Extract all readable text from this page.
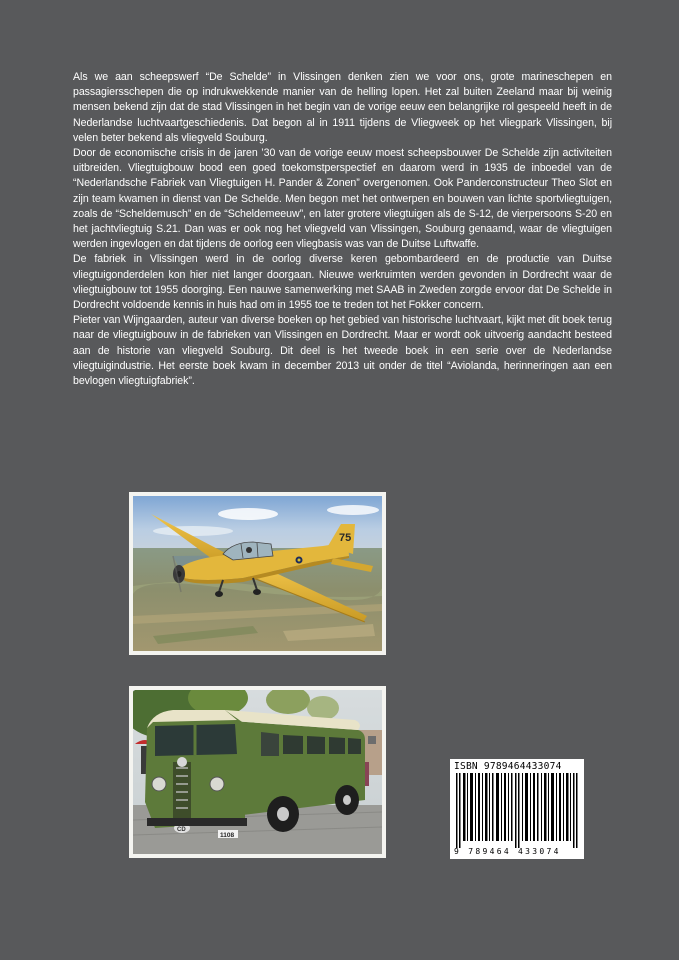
Als we aan scheepswerf “De Schelde” in Vlissingen denken zien we voor ons, grote marineschepen en passagiersschepen die op indrukwekkende manier van de helling lopen. Het zal buiten Zeeland maar bij weinig mensen bekend zijn dat de stad Vlissingen in het begin van de vorige eeuw een belangrijke rol gespeeld heeft in de Nederlandse luchtvaartgeschiedenis. Dat begon al in 1911 tijdens de Vliegweek op het vliegpark Vlissingen, bij velen beter bekend als vliegveld Souburg.

Door de economische crisis in de jaren ’30 van de vorige eeuw moest scheepsbouwer De Schelde zijn activiteiten uitbreiden. Vliegtuigbouw bood een goed toekomstperspectief en daarom werd in 1935 de inboedel van de “Nederlandsche Fabriek van Vliegtuigen H. Pander & Zonen” overgenomen. Ook Panderconstructeur Theo Slot en zijn team kwamen in dienst van De Schelde. Men begon met het ontwerpen en bouwen van lichte sportvliegtuigen, zoals de “Scheldemusch” en de “Scheldemeeuw”, en later grotere vliegtuigen als de S-12, de vierpersoons S-20 en het jachtvliegtuig S.21. Dan was er ook nog het vliegveld van Vlissingen, Souburg genaamd, waar de vliegtuigen werden ingevlogen en dat tijdens de oorlog een vliegbasis was van de Duitse Luftwaffe.

De fabriek in Vlissingen werd in de oorlog diverse keren gebombardeerd en de productie van Duitse vliegtuigonderdelen kon hier niet langer doorgaan. Nieuwe werkruimten werden gevonden in Dordrecht waar de vliegtuigbouw tot 1955 doorging. Een nauwe samenwerking met SAAB in Zweden zorgde ervoor dat De Schelde in Dordrecht voldoende kennis in huis had om in 1955 toe te treden tot het Fokker concern.

Pieter van Wijngaarden, auteur van diverse boeken op het gebied van historische luchtvaart, kijkt met dit boek terug naar de vliegtuigbouw in de fabrieken van Vlissingen en Dordrecht. Maar er wordt ook uitvoerig aandacht besteed aan de historie van vliegveld Souburg. Dit deel is het tweede boek in een serie over de Nederlandse vliegtuigindustrie. Het eerste boek kwam in december 2013 uit onder de titel “Aviolanda, herinneringen aan een bevlogen vliegtuigfabriek”.

75
CD
1108
ISBN 9789464433074
9 789464 433074
